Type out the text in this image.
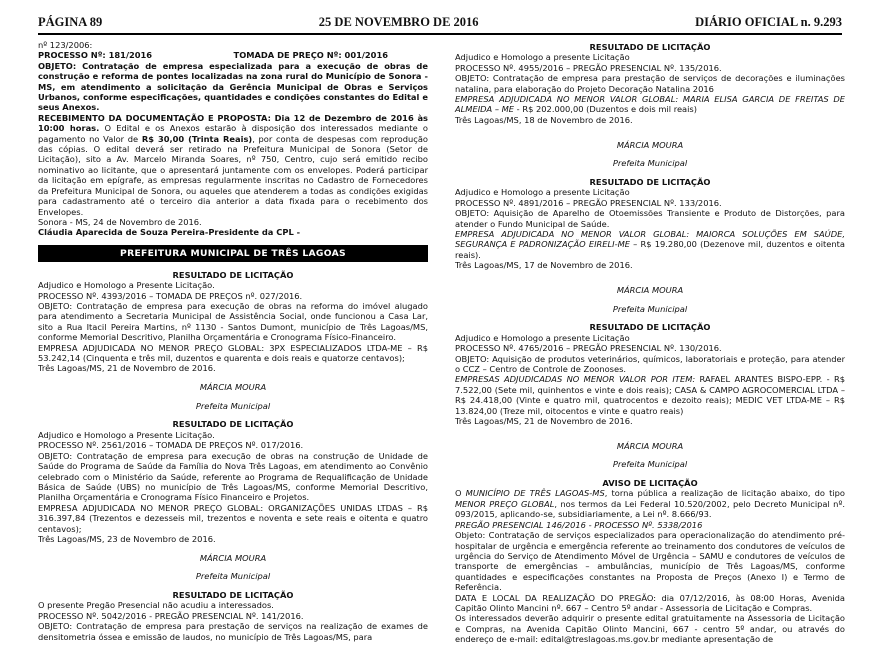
PÁGINA 89	25 DE NOVEMBRO DE 2016	DIÁRIO OFICIAL n. 9.293

nº 123/2006:

PROCESSO Nº: 181/2016	TOMADA DE PREÇO Nº: 001/2016

OBJETO: Contratação de empresa especializada para a execução de obras de construção e reforma de pontes localizadas na zona rural do Município de Sonora - MS, em atendimento a solicitação da Gerência Municipal de Obras e Serviços Urbanos, conforme especificações, quantidades e condições constantes do Edital e seus Anexos.

RECEBIMENTO DA DOCUMENTAÇÃO E PROPOSTA: Dia 12 de Dezembro de 2016 às 10:00 horas. O Edital e os Anexos estarão à disposição dos interessados mediante o pagamento no Valor de R$ 30,00 (Trinta Reais), por conta de despesas com reprodução das cópias. O edital deverá ser retirado na Prefeitura Municipal de Sonora (Setor de Licitação), sito a Av. Marcelo Miranda Soares, nº 750, Centro, cujo será emitido recibo nominativo ao licitante, que o apresentará juntamente com os envelopes. Poderá participar da licitação em epígrafe, as empresas regularmente inscritas no Cadastro de Fornecedores da Prefeitura Municipal de Sonora, ou aqueles que atenderem a todas as condições exigidas para cadastramento até o terceiro dia anterior a data fixada para o recebimento dos Envelopes.

Sonora - MS, 24 de Novembro de 2016.

Cláudia Aparecida de Souza Pereira-Presidente da CPL -

PREFEITURA MUNICIPAL DE TRÊS LAGOAS

RESULTADO DE LICITAÇÃO

Adjudico e Homologo a Presente Licitação.

PROCESSO Nº. 4393/2016 – TOMADA DE PREÇOS nº. 027/2016.

OBJETO: Contratação de empresa para execução de obras na reforma do imóvel alugado para atendimento a Secretaria Municipal de Assistência Social, onde funcionou a Casa Lar, sito a Rua Itacil Pereira Martins, nº 1130 - Santos Dumont, município de Três Lagoas/MS, conforme Memorial Descritivo, Planilha Orçamentária e Cronograma Físico-Financeiro.

EMPRESA ADJUDICADA NO MENOR PREÇO GLOBAL: 3PX ESPECIALIZADOS LTDA-ME – R$ 53.242,14 (Cinquenta e três mil, duzentos e quarenta e dois reais e quatorze centavos);

Três Lagoas/MS, 21 de Novembro de 2016.

MÁRCIA MOURA

Prefeita Municipal

RESULTADO DE LICITAÇÃO

Adjudico e Homologo a Presente Licitação.

PROCESSO Nº. 2561/2016 – TOMADA DE PREÇOS Nº. 017/2016.

OBJETO: Contratação de empresa para execução de obras na construção de Unidade de Saúde do Programa de Saúde da Família do Nova Três Lagoas, em atendimento ao Convênio celebrado com o Ministério da Saúde, referente ao Programa de Requalificação de Unidade Básica de Saúde (UBS) no município de Três Lagoas/MS, conforme Memorial Descritivo, Planilha Orçamentária e Cronograma Físico Financeiro e Projetos.

EMPRESA ADJUDICADA NO MENOR PREÇO GLOBAL: ORGANIZAÇÕES UNIDAS LTDAS – R$ 316.397,84 (Trezentos e dezesseis mil, trezentos e noventa e sete reais e oitenta e quatro centavos);

Três Lagoas/MS, 23 de Novembro de 2016.

MÁRCIA MOURA

Prefeita Municipal

RESULTADO DE LICITAÇÃO

O presente Pregão Presencial não acudiu a interessados.

PROCESSO Nº. 5042/2016 - PREGÃO PRESENCIAL Nº. 141/2016.

OBJETO: Contratação de empresa para prestação de serviços na realização de exames de densitometria óssea e emissão de laudos, no município de Três Lagoas/MS, para

RESULTADO DE LICITAÇÃO

Adjudico e Homologo a presente Licitação

PROCESSO Nº. 4955/2016 – PREGÃO PRESENCIAL Nº. 135/2016.

OBJETO: Contratação de empresa para prestação de serviços de decorações e iluminações natalina, para elaboração do Projeto Decoração Natalina 2016

EMPRESA ADJUDICADA NO MENOR VALOR GLOBAL: MARIA ELISA GARCIA DE FREITAS DE ALMEIDA – ME - R$ 202.000,00 (Duzentos e dois mil reais)

Três Lagoas/MS, 18 de Novembro de 2016.

MÁRCIA MOURA

Prefeita Municipal

RESULTADO DE LICITAÇÃO

Adjudico e Homologo a presente Licitação

PROCESSO Nº. 4891/2016 – PREGÃO PRESENCIAL Nº. 133/2016.

OBJETO: Aquisição de Aparelho de Otoemissões Transiente e Produto de Distorções, para atender o Fundo Municipal de Saúde.

EMPRESA ADJUDICADA NO MENOR VALOR GLOBAL: MAIORCA SOLUÇÕES EM SAÚDE, SEGURANÇA E PADRONIZAÇÃO EIRELI-ME – R$ 19.280,00 (Dezenove mil, duzentos e oitenta reais).

Três Lagoas/MS, 17 de Novembro de 2016.

MÁRCIA MOURA

Prefeita Municipal

RESULTADO DE LICITAÇÃO

Adjudico e Homologo a presente Licitação

PROCESSO Nº. 4765/2016 – PREGÃO PRESENCIAL Nº. 130/2016.

OBJETO: Aquisição de produtos veterinários, químicos, laboratoriais e proteção, para atender o CCZ – Centro de Controle de Zoonoses.

EMPRESAS ADJUDICADAS NO MENOR VALOR POR ITEM: RAFAEL ARANTES BISPO-EPP. - R$ 7.522,00 (Sete mil, quinhentos e vinte e dois reais); CASA & CAMPO AGROCOMERCIAL LTDA – R$ 24.418,00 (Vinte e quatro mil, quatrocentos e dezoito reais); MEDIC VET LTDA-ME – R$ 13.824,00 (Treze mil, oitocentos e vinte e quatro reais)

Três Lagoas/MS, 21 de Novembro de 2016.

MÁRCIA MOURA

Prefeita Municipal

AVISO DE LICITAÇÃO

O MUNICÍPIO DE TRÊS LAGOAS-MS, torna pública a realização de licitação abaixo, do tipo MENOR PREÇO GLOBAL, nos termos da Lei Federal 10.520/2002, pelo Decreto Municipal nº. 093/2015, aplicando-se, subsidiariamente, a Lei nº. 8.666/93.

PREGÃO PRESENCIAL 146/2016 - PROCESSO Nº. 5338/2016

Objeto: Contratação de serviços especializados para operacionalização do atendimento pré-hospitalar de urgência e emergência referente ao treinamento dos condutores de veículos de urgência do Serviço de Atendimento Móvel de Urgência – SAMU e condutores de veículos de transporte de emergências – ambulâncias, município de Três Lagoas/MS, conforme quantidades e especificações constantes na Proposta de Preços (Anexo I) e Termo de Referência.

DATA E LOCAL DA REALIZAÇÃO DO PREGÃO: dia 07/12/2016, às 08:00 Horas, Avenida Capitão Olinto Mancini nº. 667 – Centro 5º andar - Assessoria de Licitação e Compras.

Os interessados deverão adquirir o presente edital gratuitamente na Assessoria de Licitação e Compras, na Avenida Capitão Olinto Mancini, 667 - centro 5º andar, ou através do endereço de e-mail: edital@treslagoas.ms.gov.br mediante apresentação de
